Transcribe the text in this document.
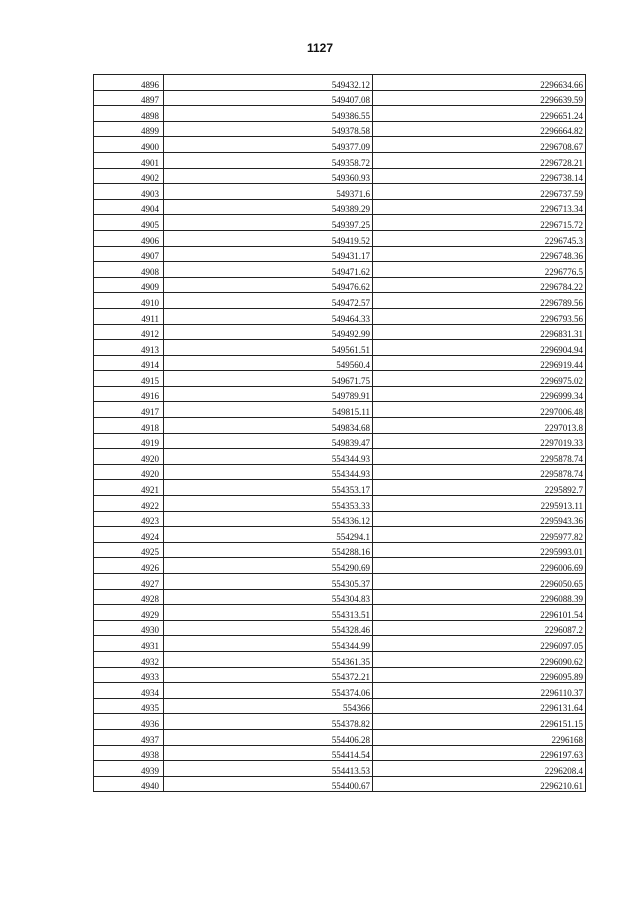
1127
4896	549432.12	2296634.66
4897	549407.08	2296639.59
4898	549386.55	2296651.24
4899	549378.58	2296664.82
4900	549377.09	2296708.67
4901	549358.72	2296728.21
4902	549360.93	2296738.14
4903	549371.6	2296737.59
4904	549389.29	2296713.34
4905	549397.25	2296715.72
4906	549419.52	2296745.3
4907	549431.17	2296748.36
4908	549471.62	2296776.5
4909	549476.62	2296784.22
4910	549472.57	2296789.56
4911	549464.33	2296793.56
4912	549492.99	2296831.31
4913	549561.51	2296904.94
4914	549560.4	2296919.44
4915	549671.75	2296975.02
4916	549789.91	2296999.34
4917	549815.11	2297006.48
4918	549834.68	2297013.8
4919	549839.47	2297019.33
4920	554344.93	2295878.74
4920	554344.93	2295878.74
4921	554353.17	2295892.7
4922	554353.33	2295913.11
4923	554336.12	2295943.36
4924	554294.1	2295977.82
4925	554288.16	2295993.01
4926	554290.69	2296006.69
4927	554305.37	2296050.65
4928	554304.83	2296088.39
4929	554313.51	2296101.54
4930	554328.46	2296087.2
4931	554344.99	2296097.05
4932	554361.35	2296090.62
4933	554372.21	2296095.89
4934	554374.06	2296110.37
4935	554366	2296131.64
4936	554378.82	2296151.15
4937	554406.28	2296168
4938	554414.54	2296197.63
4939	554413.53	2296208.4
4940	554400.67	2296210.61
